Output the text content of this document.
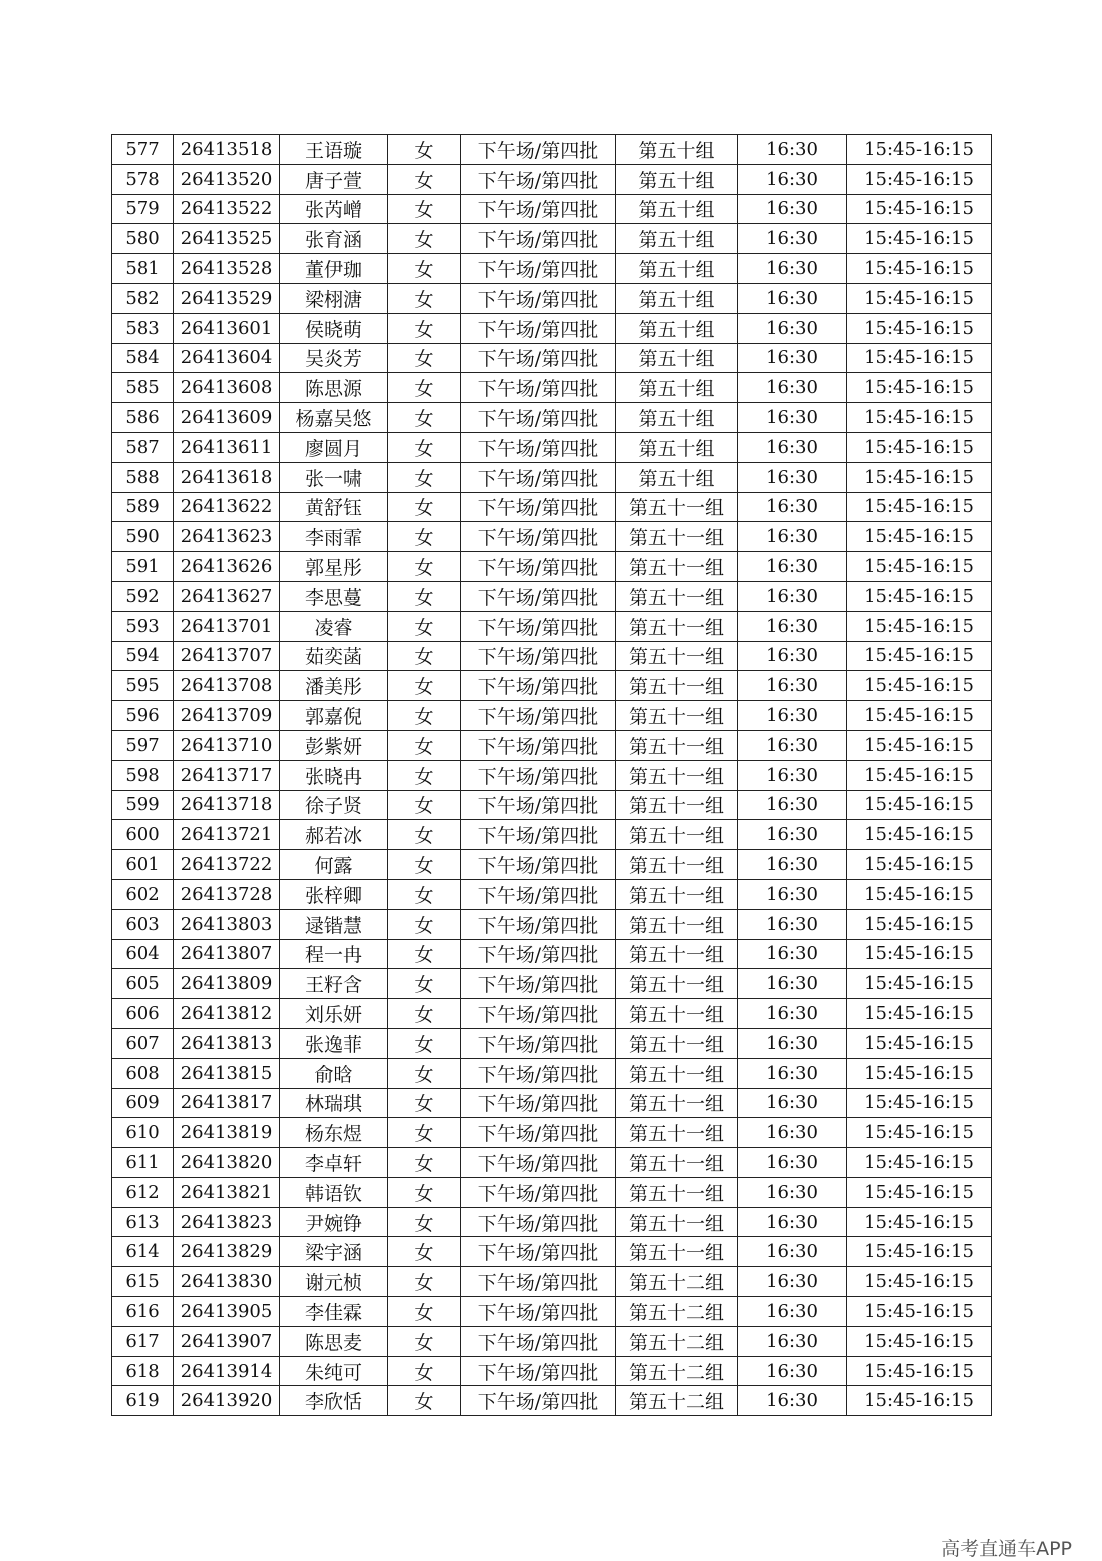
577	26413518	王语璇	女	下午场/第四批	第五十组	16:30	15:45-16:15
578	26413520	唐子萱	女	下午场/第四批	第五十组	16:30	15:45-16:15
579	26413522	张芮嶒	女	下午场/第四批	第五十组	16:30	15:45-16:15
580	26413525	张育涵	女	下午场/第四批	第五十组	16:30	15:45-16:15
581	26413528	董伊珈	女	下午场/第四批	第五十组	16:30	15:45-16:15
582	26413529	梁栩溏	女	下午场/第四批	第五十组	16:30	15:45-16:15
583	26413601	侯晓萌	女	下午场/第四批	第五十组	16:30	15:45-16:15
584	26413604	吴炎芳	女	下午场/第四批	第五十组	16:30	15:45-16:15
585	26413608	陈思源	女	下午场/第四批	第五十组	16:30	15:45-16:15
586	26413609	杨嘉吴悠	女	下午场/第四批	第五十组	16:30	15:45-16:15
587	26413611	廖圆月	女	下午场/第四批	第五十组	16:30	15:45-16:15
588	26413618	张一啸	女	下午场/第四批	第五十组	16:30	15:45-16:15
589	26413622	黄舒钰	女	下午场/第四批	第五十一组	16:30	15:45-16:15
590	26413623	李雨霏	女	下午场/第四批	第五十一组	16:30	15:45-16:15
591	26413626	郭星彤	女	下午场/第四批	第五十一组	16:30	15:45-16:15
592	26413627	李思蔓	女	下午场/第四批	第五十一组	16:30	15:45-16:15
593	26413701	凌睿	女	下午场/第四批	第五十一组	16:30	15:45-16:15
594	26413707	茹奕菡	女	下午场/第四批	第五十一组	16:30	15:45-16:15
595	26413708	潘美彤	女	下午场/第四批	第五十一组	16:30	15:45-16:15
596	26413709	郭嘉倪	女	下午场/第四批	第五十一组	16:30	15:45-16:15
597	26413710	彭紫妍	女	下午场/第四批	第五十一组	16:30	15:45-16:15
598	26413717	张晓冉	女	下午场/第四批	第五十一组	16:30	15:45-16:15
599	26413718	徐子贤	女	下午场/第四批	第五十一组	16:30	15:45-16:15
600	26413721	郝若冰	女	下午场/第四批	第五十一组	16:30	15:45-16:15
601	26413722	何露	女	下午场/第四批	第五十一组	16:30	15:45-16:15
602	26413728	张梓卿	女	下午场/第四批	第五十一组	16:30	15:45-16:15
603	26413803	逯锴慧	女	下午场/第四批	第五十一组	16:30	15:45-16:15
604	26413807	程一冉	女	下午场/第四批	第五十一组	16:30	15:45-16:15
605	26413809	王籽含	女	下午场/第四批	第五十一组	16:30	15:45-16:15
606	26413812	刘乐妍	女	下午场/第四批	第五十一组	16:30	15:45-16:15
607	26413813	张逸菲	女	下午场/第四批	第五十一组	16:30	15:45-16:15
608	26413815	俞晗	女	下午场/第四批	第五十一组	16:30	15:45-16:15
609	26413817	林瑞琪	女	下午场/第四批	第五十一组	16:30	15:45-16:15
610	26413819	杨东煜	女	下午场/第四批	第五十一组	16:30	15:45-16:15
611	26413820	李卓轩	女	下午场/第四批	第五十一组	16:30	15:45-16:15
612	26413821	韩语钦	女	下午场/第四批	第五十一组	16:30	15:45-16:15
613	26413823	尹婉铮	女	下午场/第四批	第五十一组	16:30	15:45-16:15
614	26413829	梁宇涵	女	下午场/第四批	第五十一组	16:30	15:45-16:15
615	26413830	谢元桢	女	下午场/第四批	第五十二组	16:30	15:45-16:15
616	26413905	李佳霖	女	下午场/第四批	第五十二组	16:30	15:45-16:15
617	26413907	陈思麦	女	下午场/第四批	第五十二组	16:30	15:45-16:15
618	26413914	朱纯可	女	下午场/第四批	第五十二组	16:30	15:45-16:15
619	26413920	李欣恬	女	下午场/第四批	第五十二组	16:30	15:45-16:15
高考直通车APP
